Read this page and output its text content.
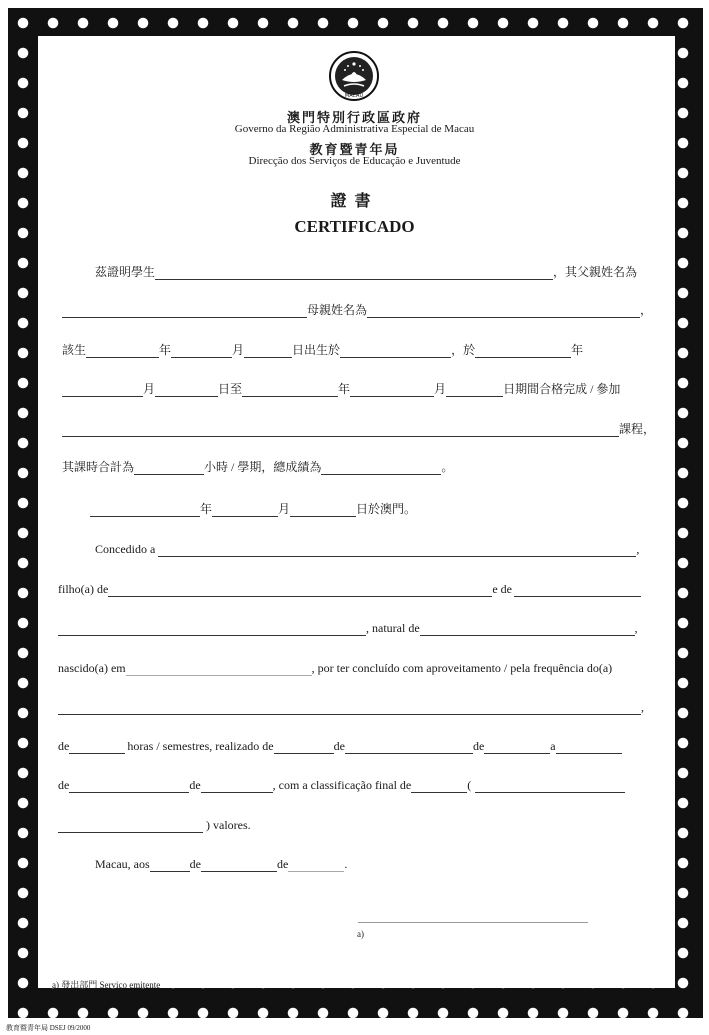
MACAU
澳門特別行政區政府
Governo da Região Administrativa Especial de Macau
教育暨青年局
Direcção dos Serviços de Educação e Juventude
證書
CERTIFICADO
茲證明學生	，其父親姓名為
母親姓名為	，
該生	年	月	日出生於	，於	年
月	日至	年	月	日期間合格完成 / 參加
課程，
其課時合計為	小時 / 學期，總成績為	。
年	月	日於澳門。
Concedido a	,
filho(a) de	e de
, natural de	,
nascido(a) em	, por ter concluído com aproveitamento / pela frequência do(a)
,
de	horas / semestres, realizado de	de	de	a
de	de	, com a classificação final de	(
) valores.
Macau, aos	de	de	.
a)
a) 發出部門 Serviço emitente
教育暨青年局 DSEJ 09/2000
